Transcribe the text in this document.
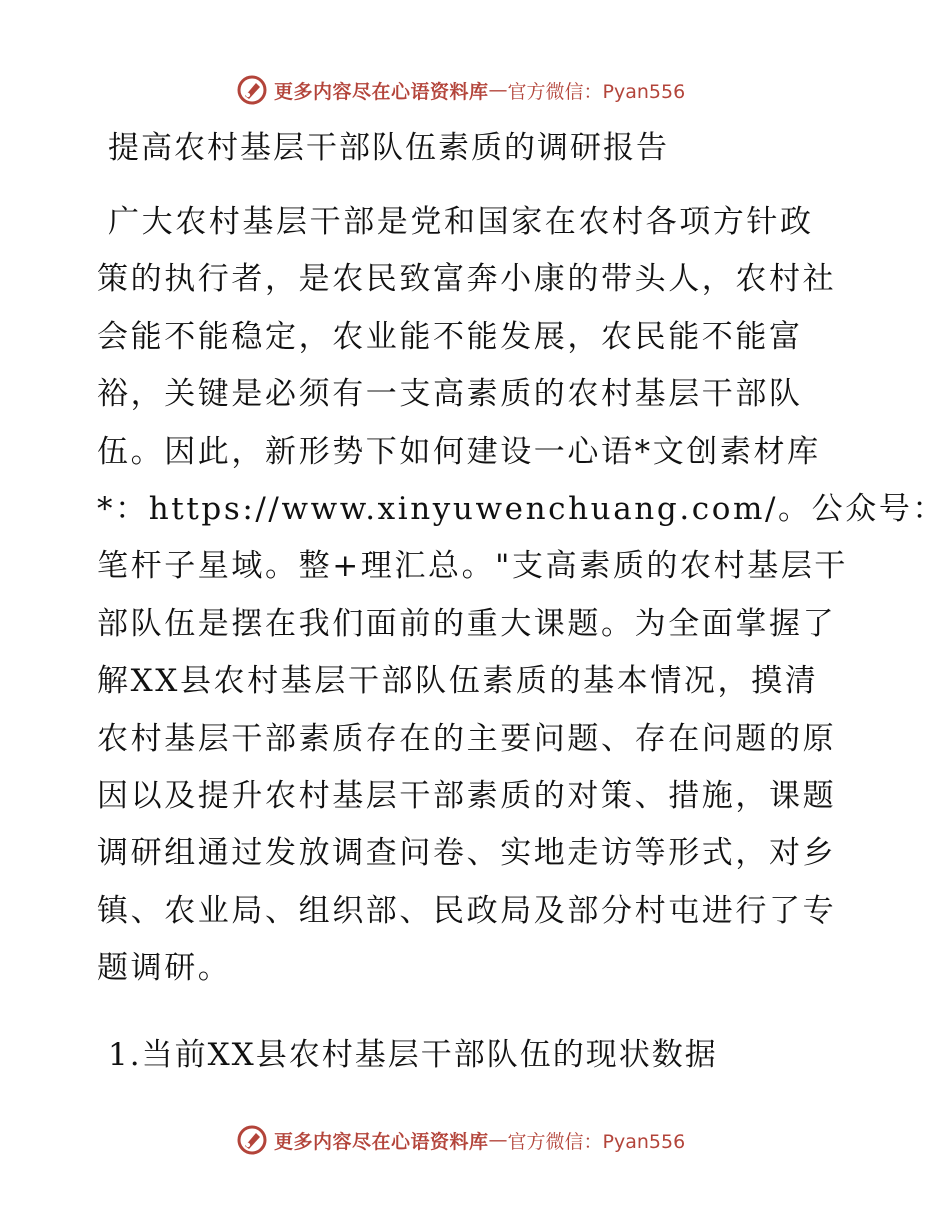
更多内容尽在心语资料库 — 官方微信：Pyan556
提高农村基层干部队伍素质的调研报告
广大农村基层干部是党和国家在农村各项方针政
策的执行者，是农民致富奔小康的带头人，农村社
会能不能稳定，农业能不能发展，农民能不能富
裕，关键是必须有一支高素质的农村基层干部队
伍。因此，新形势下如何建设一心语*文创素材库
*：https://www.xinyuwenchuang.com/。公众号：
笔杆子星域。整+理汇总。"支高素质的农村基层干
部队伍是摆在我们面前的重大课题。为全面掌握了
解XX县农村基层干部队伍素质的基本情况，摸清
农村基层干部素质存在的主要问题、存在问题的原
因以及提升农村基层干部素质的对策、措施，课题
调研组通过发放调查问卷、实地走访等形式，对乡
镇、农业局、组织部、民政局及部分村屯进行了专
题调研。
1.当前XX县农村基层干部队伍的现状数据
更多内容尽在心语资料库 — 官方微信：Pyan556
